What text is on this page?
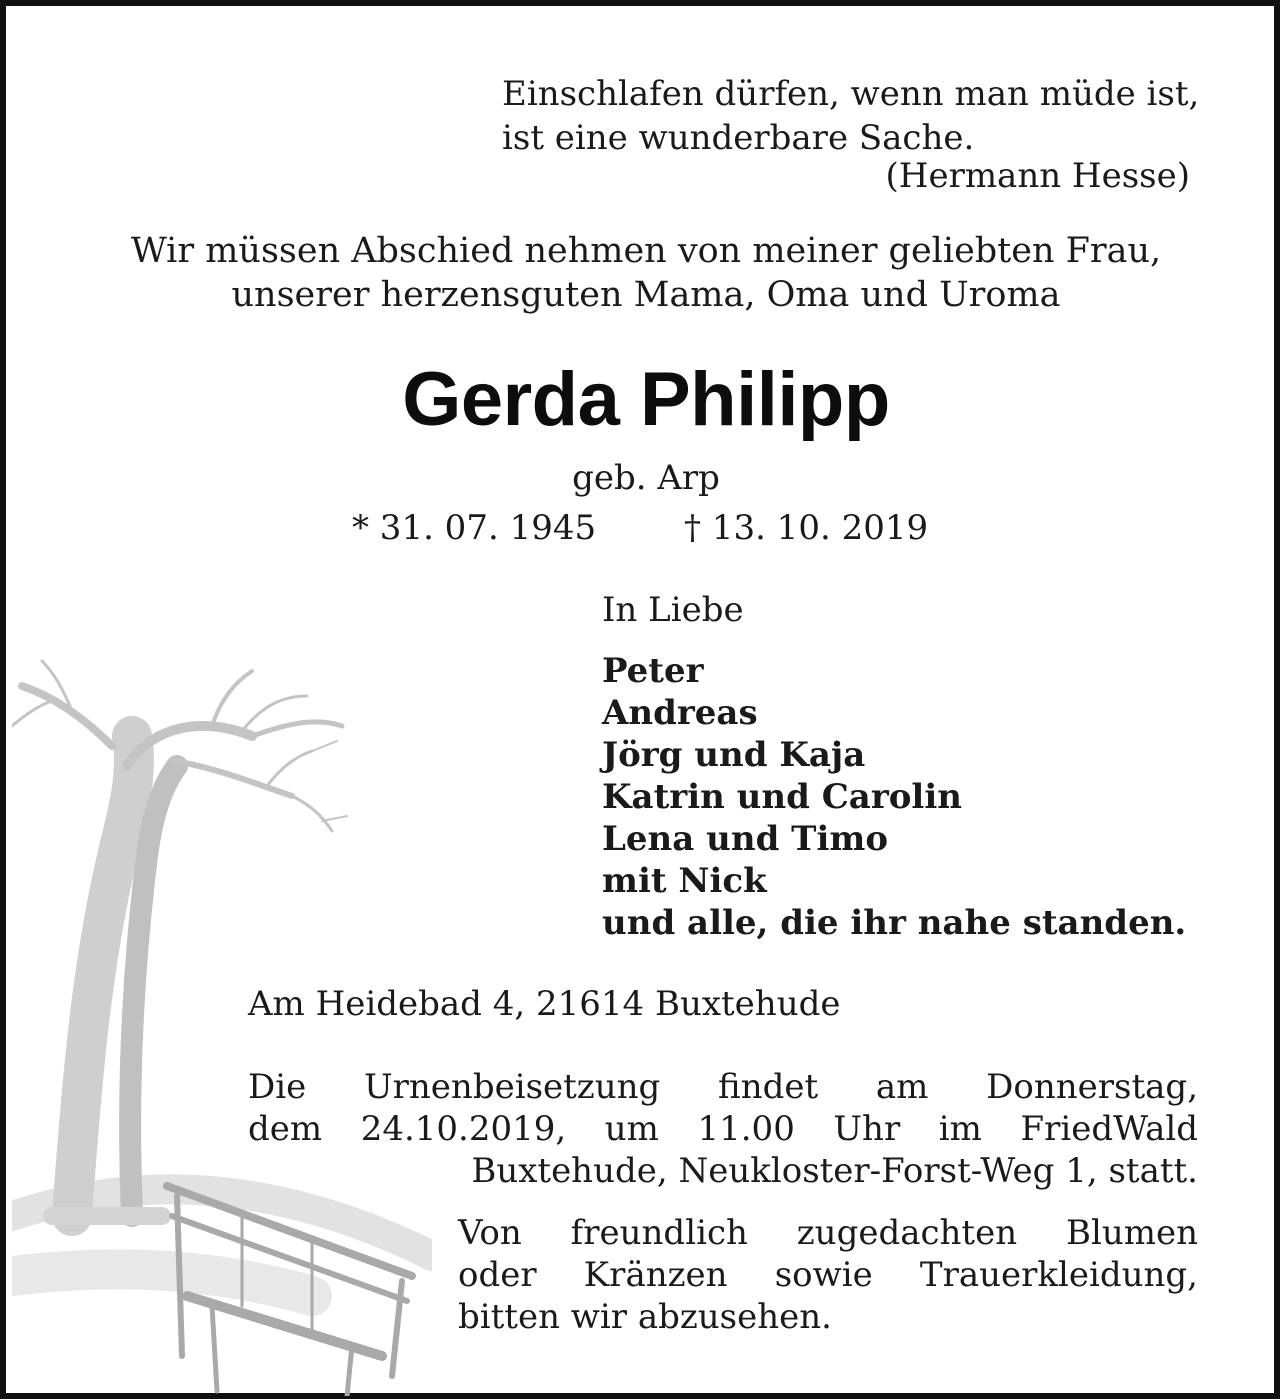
Einschlafen dürfen, wenn man müde ist,
ist eine wunderbare Sache.
(Hermann Hesse)
Wir müssen Abschied nehmen von meiner geliebten Frau,
unserer herzensguten Mama, Oma und Uroma
Gerda Philipp
geb. Arp
* 31. 07. 1945	† 13. 10. 2019
In Liebe
Peter
Andreas
Jörg und Kaja
Katrin und Carolin
Lena und Timo
mit Nick
und alle, die ihr nahe standen.
Am Heidebad 4, 21614 Buxtehude
Die Urnenbeisetzung findet am Donnerstag,
dem 24.10.2019, um 11.00 Uhr im FriedWald
Buxtehude, Neukloster-Forst-Weg 1, statt.
Von freundlich zugedachten Blumen
oder Kränzen sowie Trauerkleidung,
bitten wir abzusehen.
